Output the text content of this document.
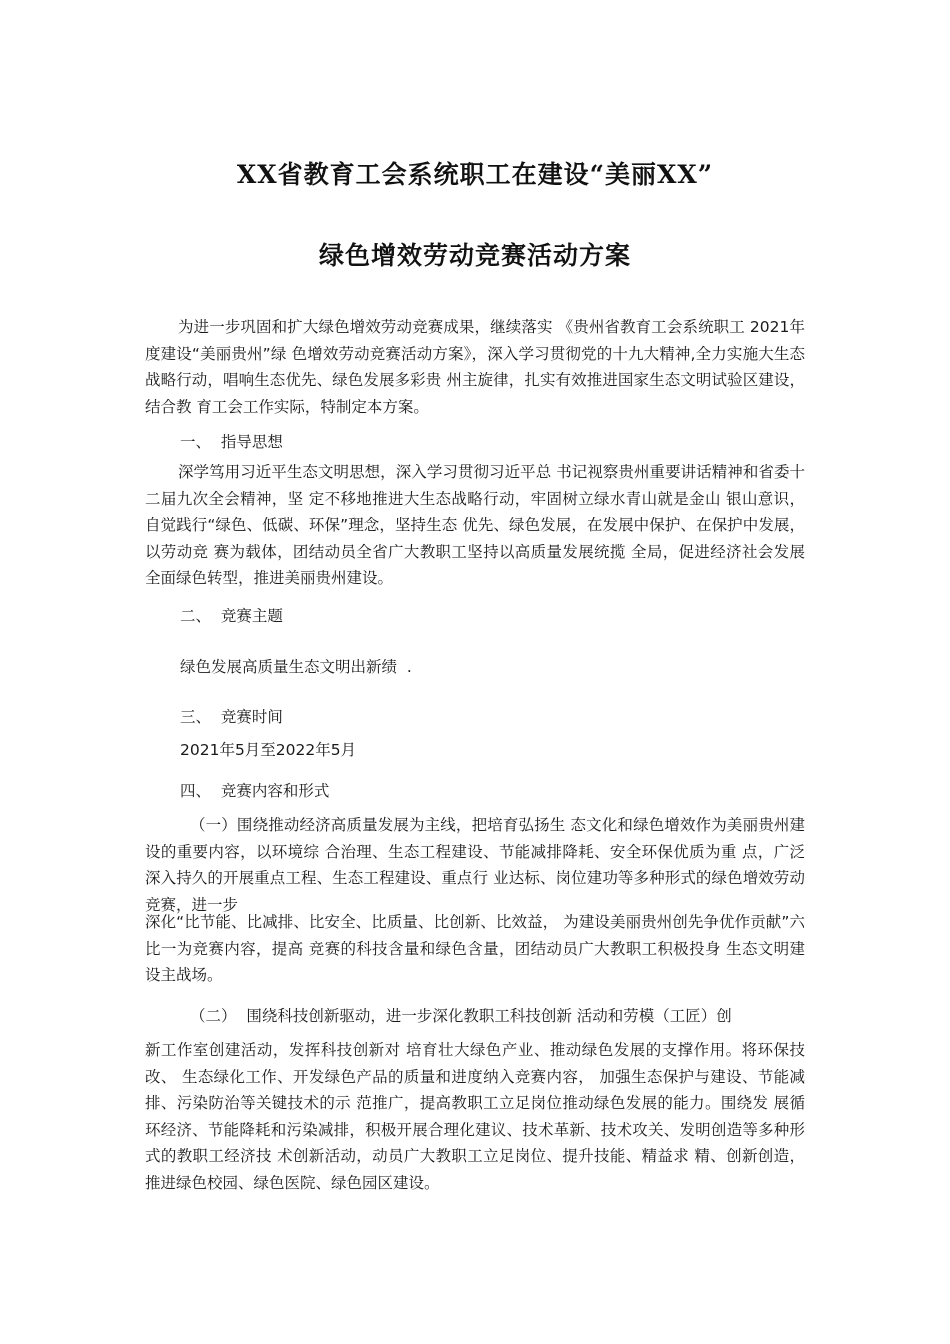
XX省教育工会系统职工在建设“美丽XX”
绿色增效劳动竞赛活动方案

为进一步巩固和扩大绿色增效劳动竞赛成果，继续落实 《贵州省教育工会系统职工 2021年度建设“美丽贵州”绿 色增效劳动竞赛活动方案》，深入学习贯彻党的十九大精神,全力实施大生态战略行动，唱响生态优先、绿色发展多彩贵 州主旋律，扎实有效推进国家生态文明试验区建设，结合教 育工会工作实际，特制定本方案。

一、  指导思想

深学笃用习近平生态文明思想，深入学习贯彻习近平总 书记视察贵州重要讲话精神和省委十二届九次全会精神，坚 定不移地推进大生态战略行动，牢固树立绿水青山就是金山 银山意识，自觉践行“绿色、低碳、环保”理念，坚持生态 优先、绿色发展，在发展中保护、在保护中发展，以劳动竞 赛为载体，团结动员全省广大教职工坚持以高质量发展统揽 全局，促进经济社会发展全面绿色转型，推进美丽贵州建设。

二、  竞赛主题

绿色发展高质量生态文明出新绩  .

三、  竞赛时间

2021年5月至2022年5月

四、  竞赛内容和形式

（一）围绕推动经济高质量发展为主线，把培育弘扬生 态文化和绿色增效作为美丽贵州建设的重要内容，以环境综 合治理、生态工程建设、节能减排降耗、安全环保优质为重 点，广泛深入持久的开展重点工程、生态工程建设、重点行 业达标、岗位建功等多种形式的绿色增效劳动竞赛，进一步

深化“比节能、比减排、比安全、比质量、比创新、比效益， 为建设美丽贵州创先争优作贡献”六比一为竞赛内容，提高 竞赛的科技含量和绿色含量，团结动员广大教职工积极投身 生态文明建设主战场。

（二）  围绕科技创新驱动，进一步深化教职工科技创新 活动和劳模（工匠）创

新工作室创建活动，发挥科技创新对 培育壮大绿色产业、推动绿色发展的支撑作用。将环保技改、 生态绿化工作、开发绿色产品的质量和进度纳入竞赛内容， 加强生态保护与建设、节能减排、污染防治等关键技术的示 范推广，提高教职工立足岗位推动绿色发展的能力。围绕发 展循环经济、节能降耗和污染减排，积极开展合理化建议、技术革新、技术攻关、发明创造等多种形式的教职工经济技 术创新活动，动员广大教职工立足岗位、提升技能、精益求 精、创新创造，推进绿色校园、绿色医院、绿色园区建设。
